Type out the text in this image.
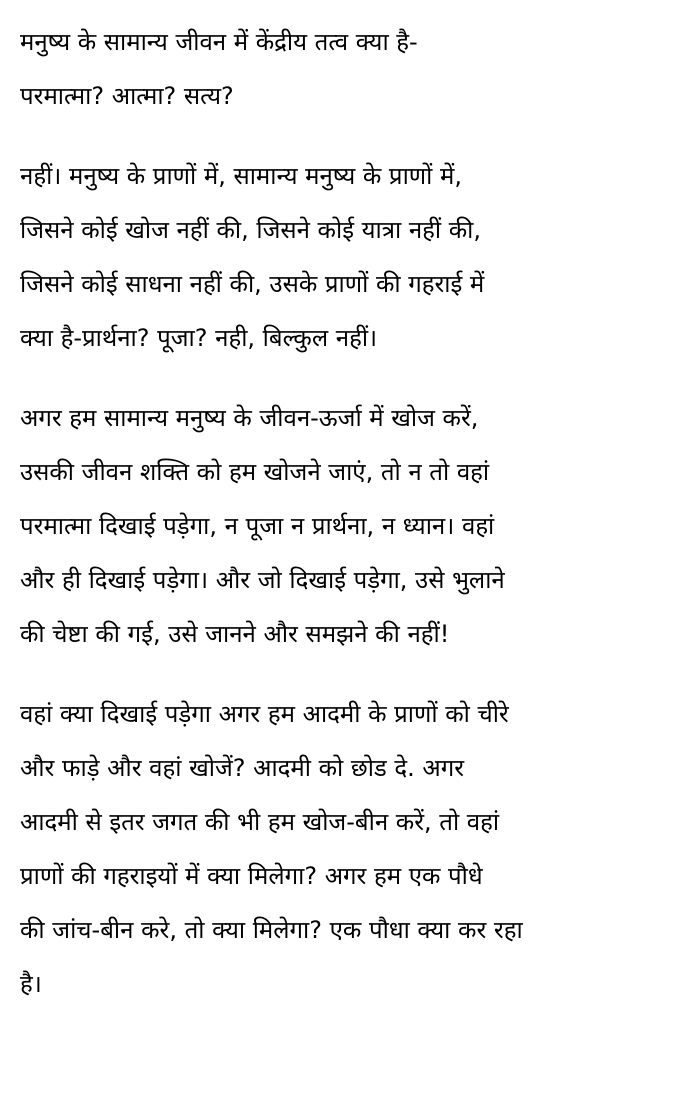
मनुष्य के सामान्य जीवन में केंद्रीय तत्व क्या है-
परमात्मा? आत्मा? सत्य?
नहीं। मनुष्य के प्राणों में, सामान्य मनुष्य के प्राणों में,
जिसने कोई खोज नहीं की, जिसने कोई यात्रा नहीं की,
जिसने कोई साधना नहीं की, उसके प्राणों की गहराई में
क्या है-प्रार्थना? पूजा? नही, बिल्कुल नहीं।
अगर हम सामान्य मनुष्य के जीवन-ऊर्जा में खोज करें,
उसकी जीवन शक्ति को हम खोजने जाएं, तो न तो वहां
परमात्मा दिखाई पड़ेगा, न पूजा न प्रार्थना, न ध्यान। वहां
और ही दिखाई पड़ेगा। और जो दिखाई पड़ेगा, उसे भुलाने
की चेष्टा की गई, उसे जानने और समझने की नहीं!
वहां क्या दिखाई पड़ेगा अगर हम आदमी के प्राणों को चीरे
और फाड़े और वहां खोजें? आदमी को छोड दे. अगर
आदमी से इतर जगत की भी हम खोज-बीन करें, तो वहां
प्राणों की गहराइयों में क्या मिलेगा? अगर हम एक पौधे
की जांच-बीन करे, तो क्या मिलेगा? एक पौधा क्या कर रहा
है।
